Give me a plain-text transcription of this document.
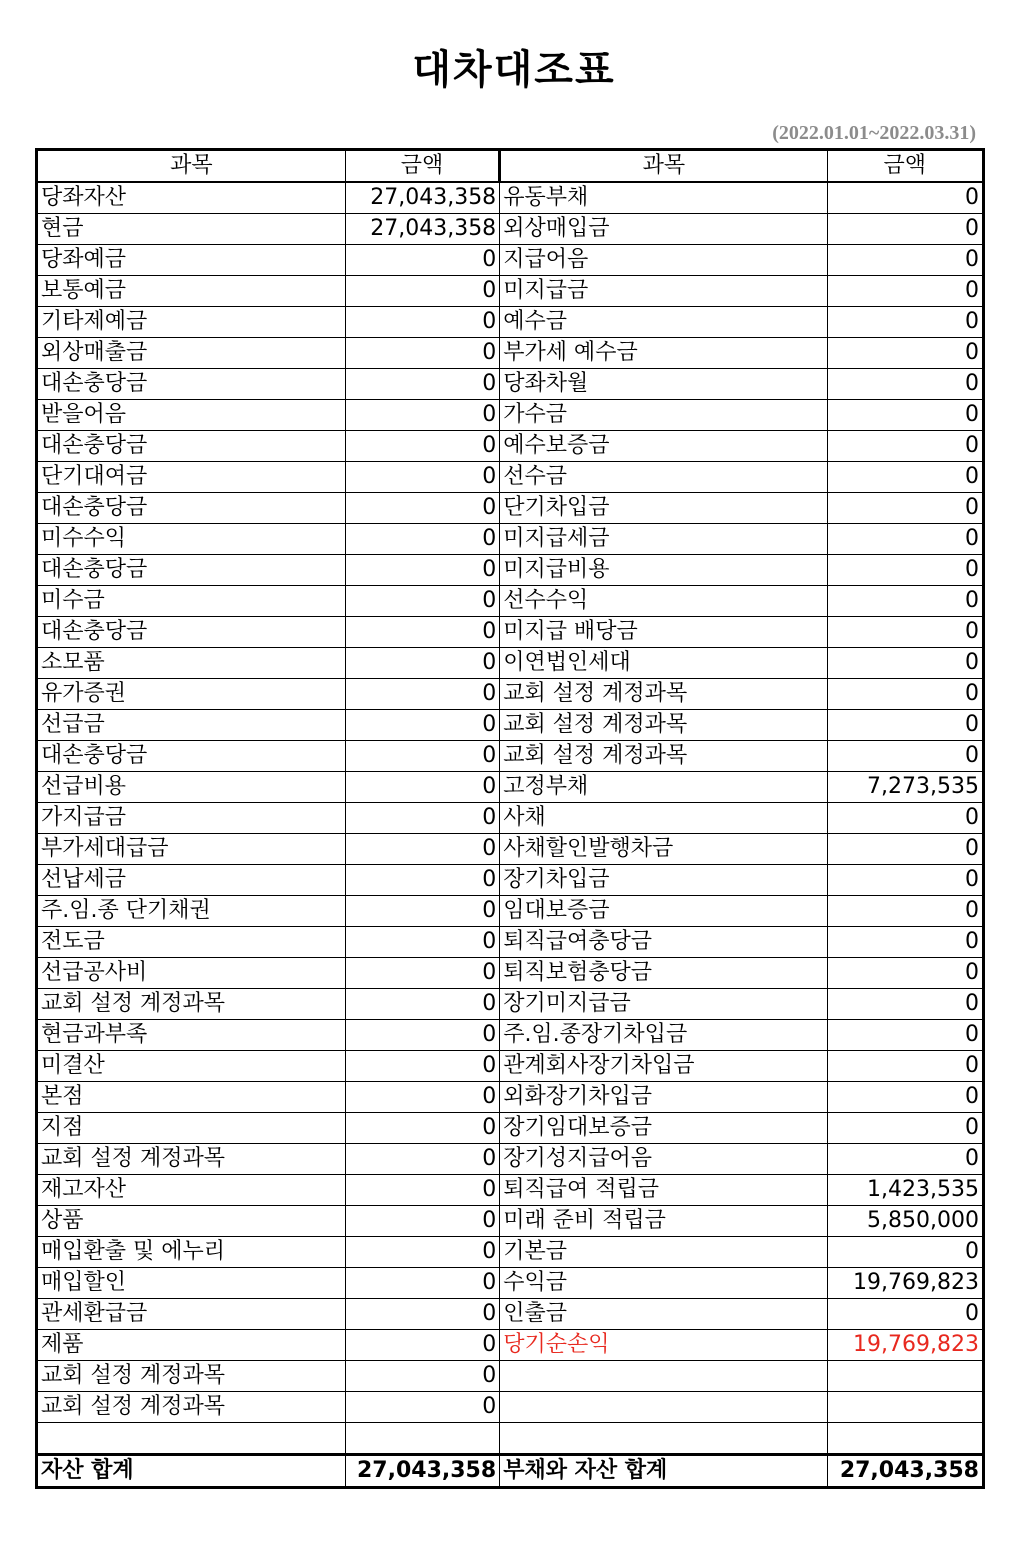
대차대조표
(2022.01.01~2022.03.31)
과목	금액	과목	금액
당좌자산	27,043,358	유동부채	0
현금	27,043,358	외상매입금	0
당좌예금	0	지급어음	0
보통예금	0	미지급금	0
기타제예금	0	예수금	0
외상매출금	0	부가세 예수금	0
대손충당금	0	당좌차월	0
받을어음	0	가수금	0
대손충당금	0	예수보증금	0
단기대여금	0	선수금	0
대손충당금	0	단기차입금	0
미수수익	0	미지급세금	0
대손충당금	0	미지급비용	0
미수금	0	선수수익	0
대손충당금	0	미지급 배당금	0
소모품	0	이연법인세대	0
유가증권	0	교회 설정 계정과목	0
선급금	0	교회 설정 계정과목	0
대손충당금	0	교회 설정 계정과목	0
선급비용	0	고정부채	7,273,535
가지급금	0	사채	0
부가세대급금	0	사채할인발행차금	0
선납세금	0	장기차입금	0
주.임.종 단기채권	0	임대보증금	0
전도금	0	퇴직급여충당금	0
선급공사비	0	퇴직보험충당금	0
교회 설정 계정과목	0	장기미지급금	0
현금과부족	0	주.임.종장기차입금	0
미결산	0	관계회사장기차입금	0
본점	0	외화장기차입금	0
지점	0	장기임대보증금	0
교회 설정 계정과목	0	장기성지급어음	0
재고자산	0	퇴직급여 적립금	1,423,535
상품	0	미래 준비 적립금	5,850,000
매입환출 및 에누리	0	기본금	0
매입할인	0	수익금	19,769,823
관세환급금	0	인출금	0
제품	0	당기순손익	19,769,823
교회 설정 계정과목	0		
교회 설정 계정과목	0		

자산 합계	27,043,358	부채와 자산 합계	27,043,358
